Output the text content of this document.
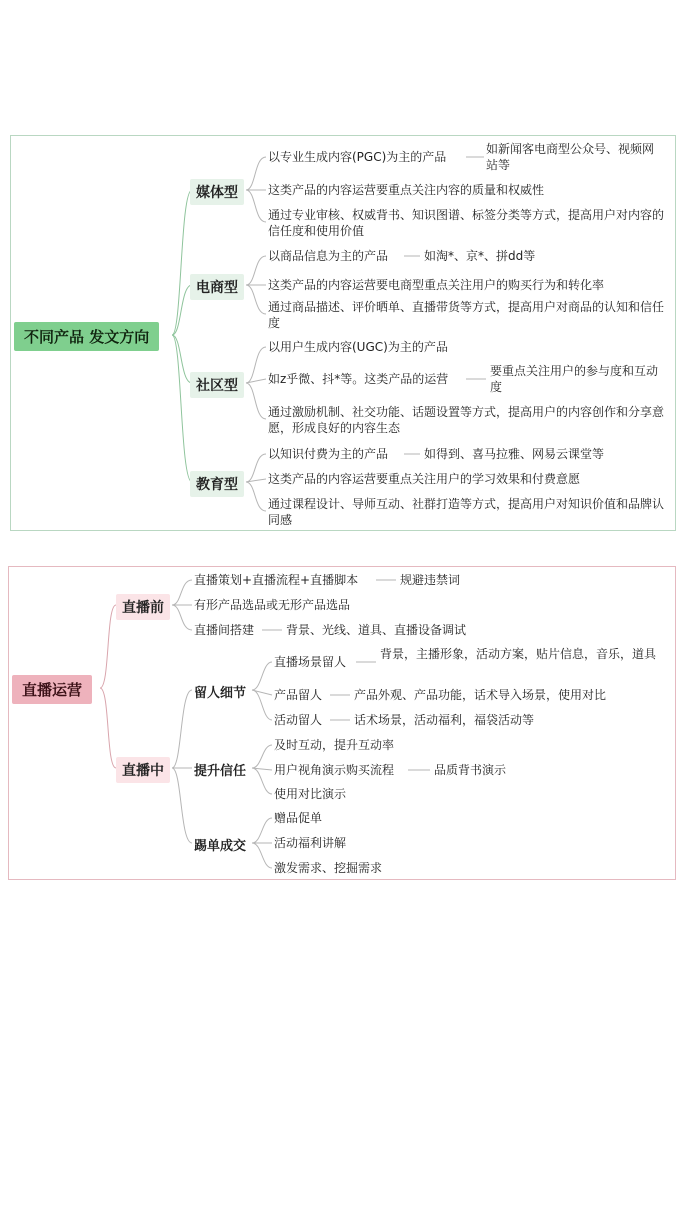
不同产品 发文方向
媒体型
电商型
社区型
教育型
以专业生成内容(PGC)为主的产品
如新闻客电商型公众号、视频网站等
这类产品的内容运营要重点关注内容的质量和权威性
通过专业审核、权威背书、知识图谱、标签分类等方式，提高用户对内容的信任度和使用价值
以商品信息为主的产品	如淘*、京*、拼dd等
这类产品的内容运营要电商型重点关注用户的购买行为和转化率
通过商品描述、评价晒单、直播带货等方式，提高用户对商品的认知和信任度
以用户生成内容(UGC)为主的产品
如z乎微、抖*等。这类产品的运营
要重点关注用户的参与度和互动度
通过激励机制、社交功能、话题设置等方式，提高用户的内容创作和分享意愿，形成良好的内容生态
以知识付费为主的产品	如得到、喜马拉雅、网易云课堂等
这类产品的内容运营要重点关注用户的学习效果和付费意愿
通过课程设计、导师互动、社群打造等方式，提高用户对知识价值和品牌认同感
直播运营
直播前
直播中
直播策划+直播流程+直播脚本	规避违禁词
有形产品选品或无形产品选品
直播间搭建	背景、光线、道具、直播设备调试
留人细节
提升信任
踢单成交
直播场景留人
背景，主播形象，活动方案，贴片信息，音乐，道具
产品留人	产品外观、产品功能，话术导入场景，使用对比
活动留人	话术场景，活动福利，福袋活动等
及时互动，提升互动率
用户视角演示购买流程	品质背书演示
使用对比演示
赠品促单
活动福利讲解
激发需求、挖掘需求
